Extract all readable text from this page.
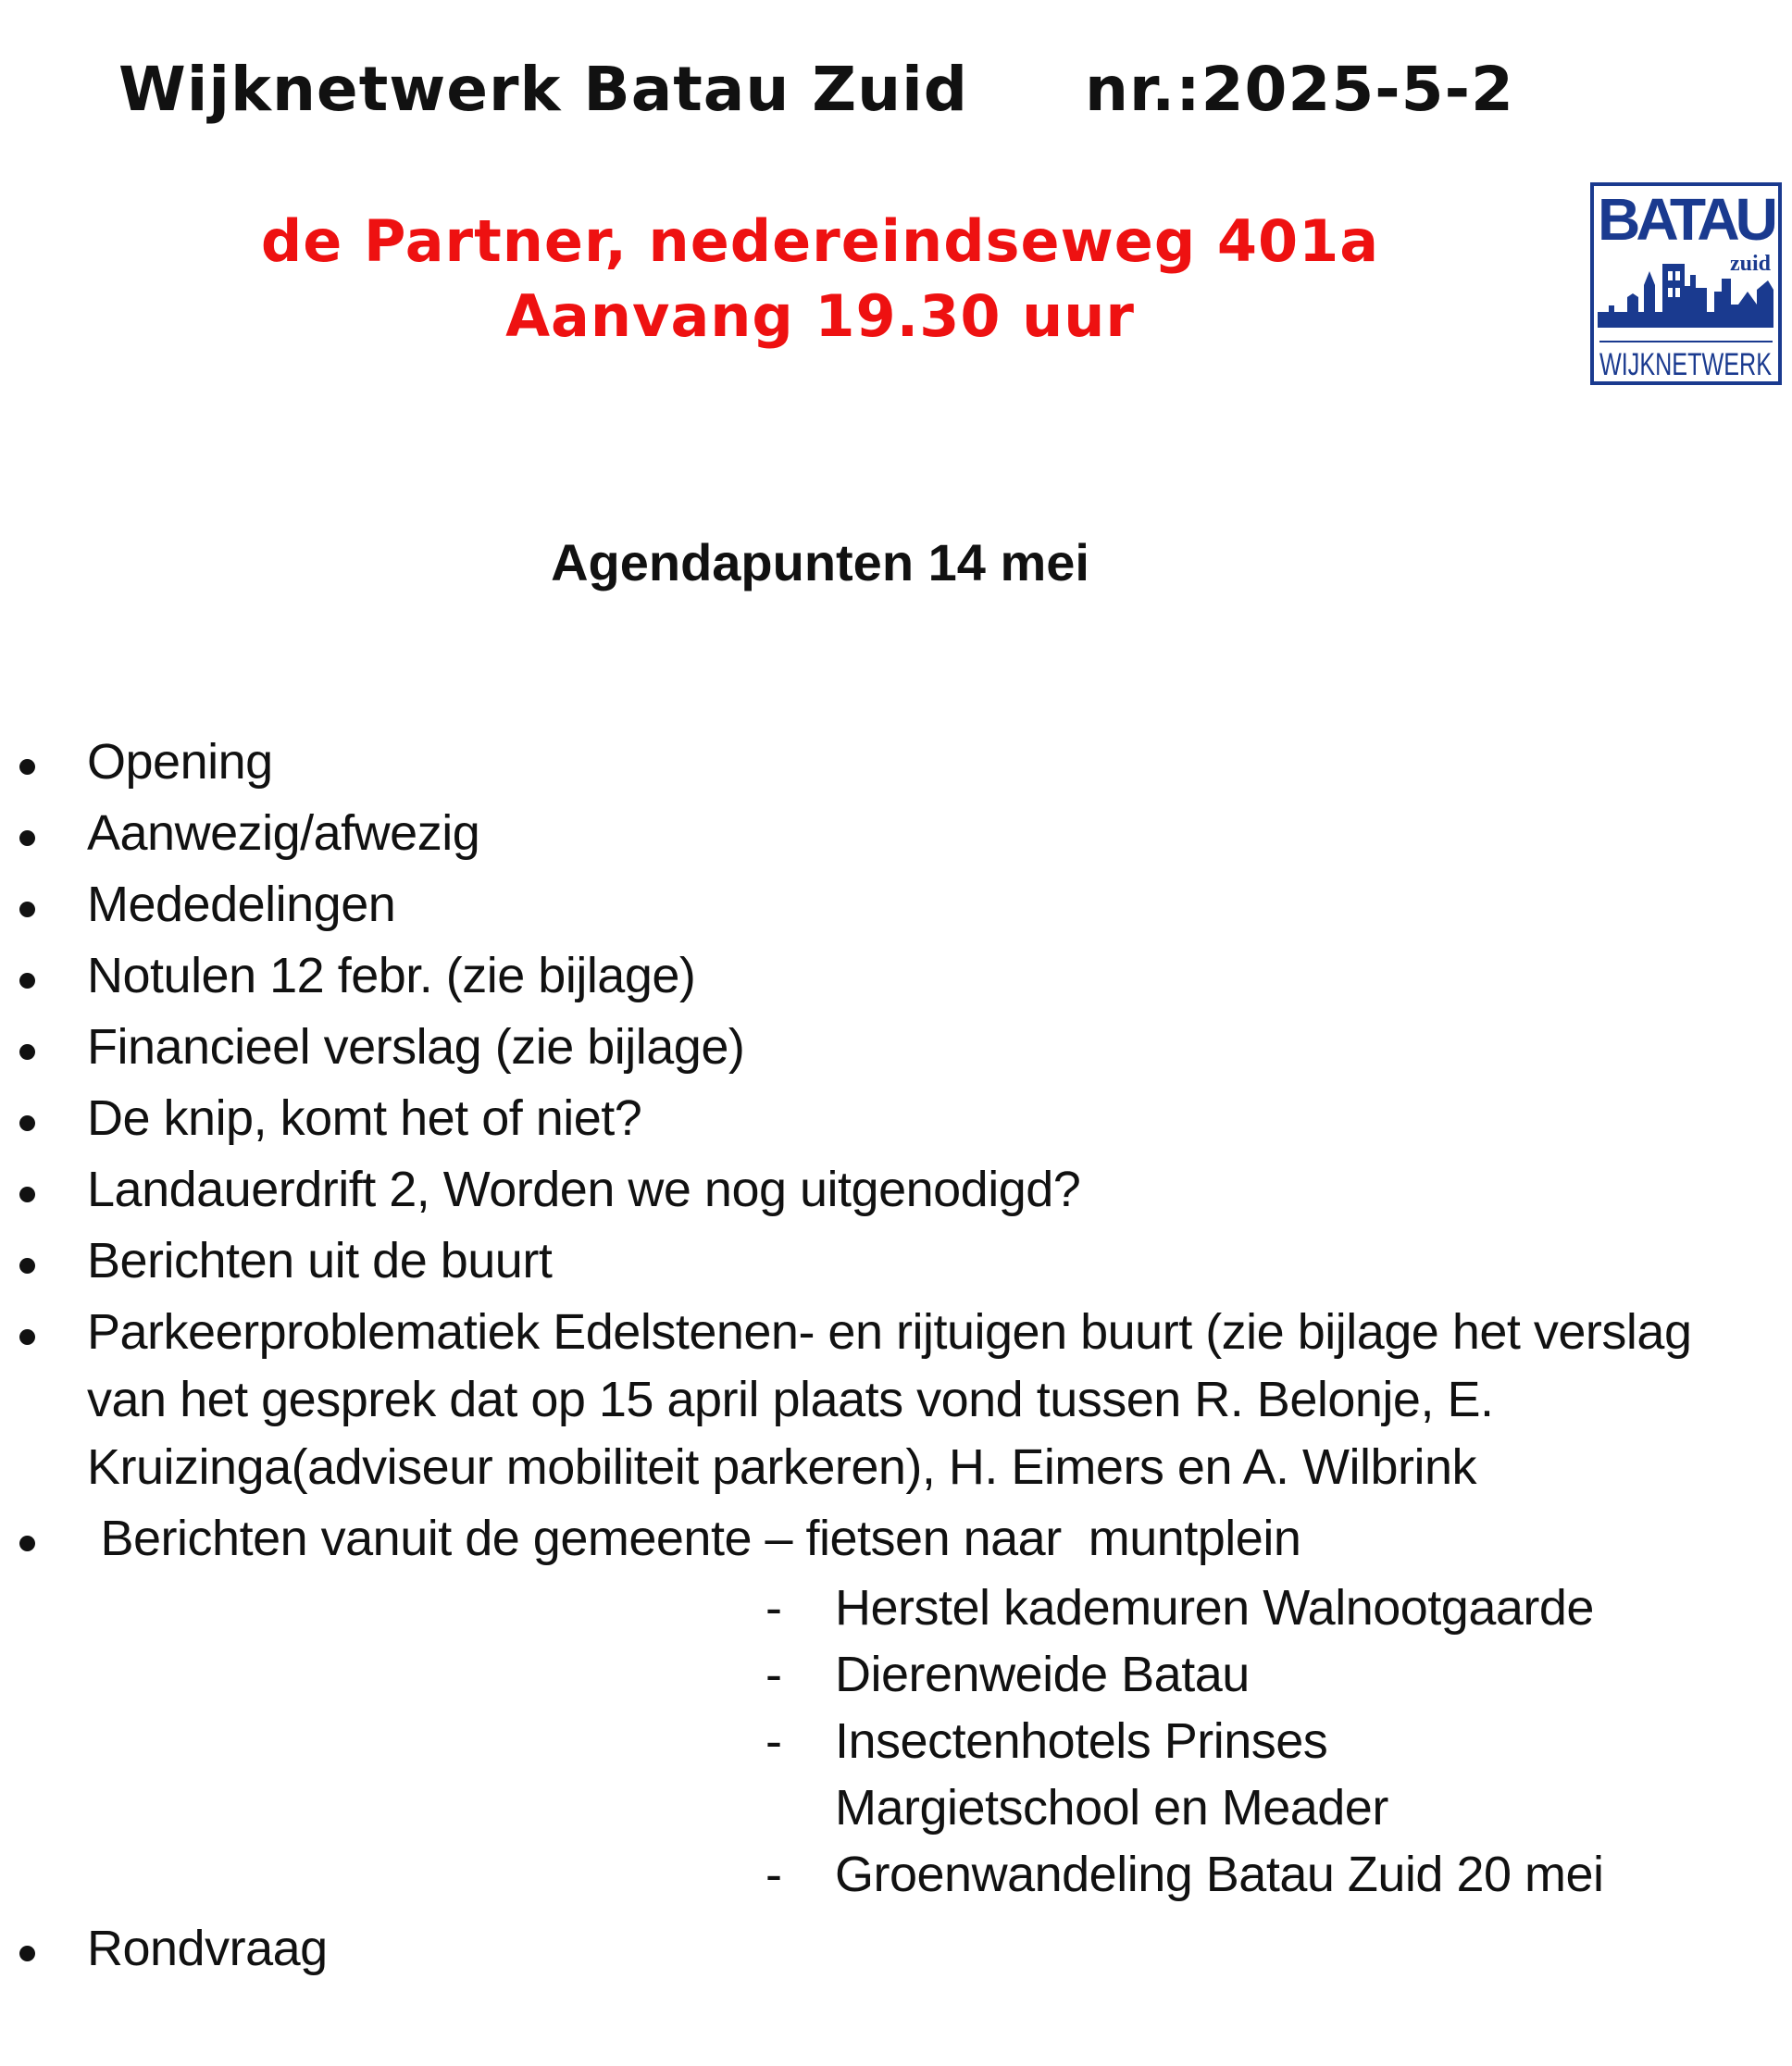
Wijknetwerk Batau Zuid nr.:2025-5-2
de Partner, nedereindseweg 401a
Aanvang 19.30 uur
BATAU
zuid
WIJKNETWERK
Agendapunten 14 mei
Opening
Aanwezig/afwezig
Mededelingen
Notulen 12 febr. (zie bijlage)
Financieel verslag (zie bijlage)
De knip, komt het of niet?
Landauerdrift 2, Worden we nog uitgenodigd?
Berichten uit de buurt
Parkeerproblematiek Edelstenen- en rijtuigen buurt (zie bijlage het verslag van het gesprek dat op 15 april plaats vond tussen R. Belonje, E. Kruizinga(adviseur mobiliteit parkeren), H. Eimers en A. Wilbrink
Berichten vanuit de gemeente – fietsen naar  muntplein
- Herstel kademuren Walnootgaarde
- Dierenweide Batau
- Insectenhotels Prinses Margietschool en Meader
- Groenwandeling Batau Zuid 20 mei
Rondvraag
